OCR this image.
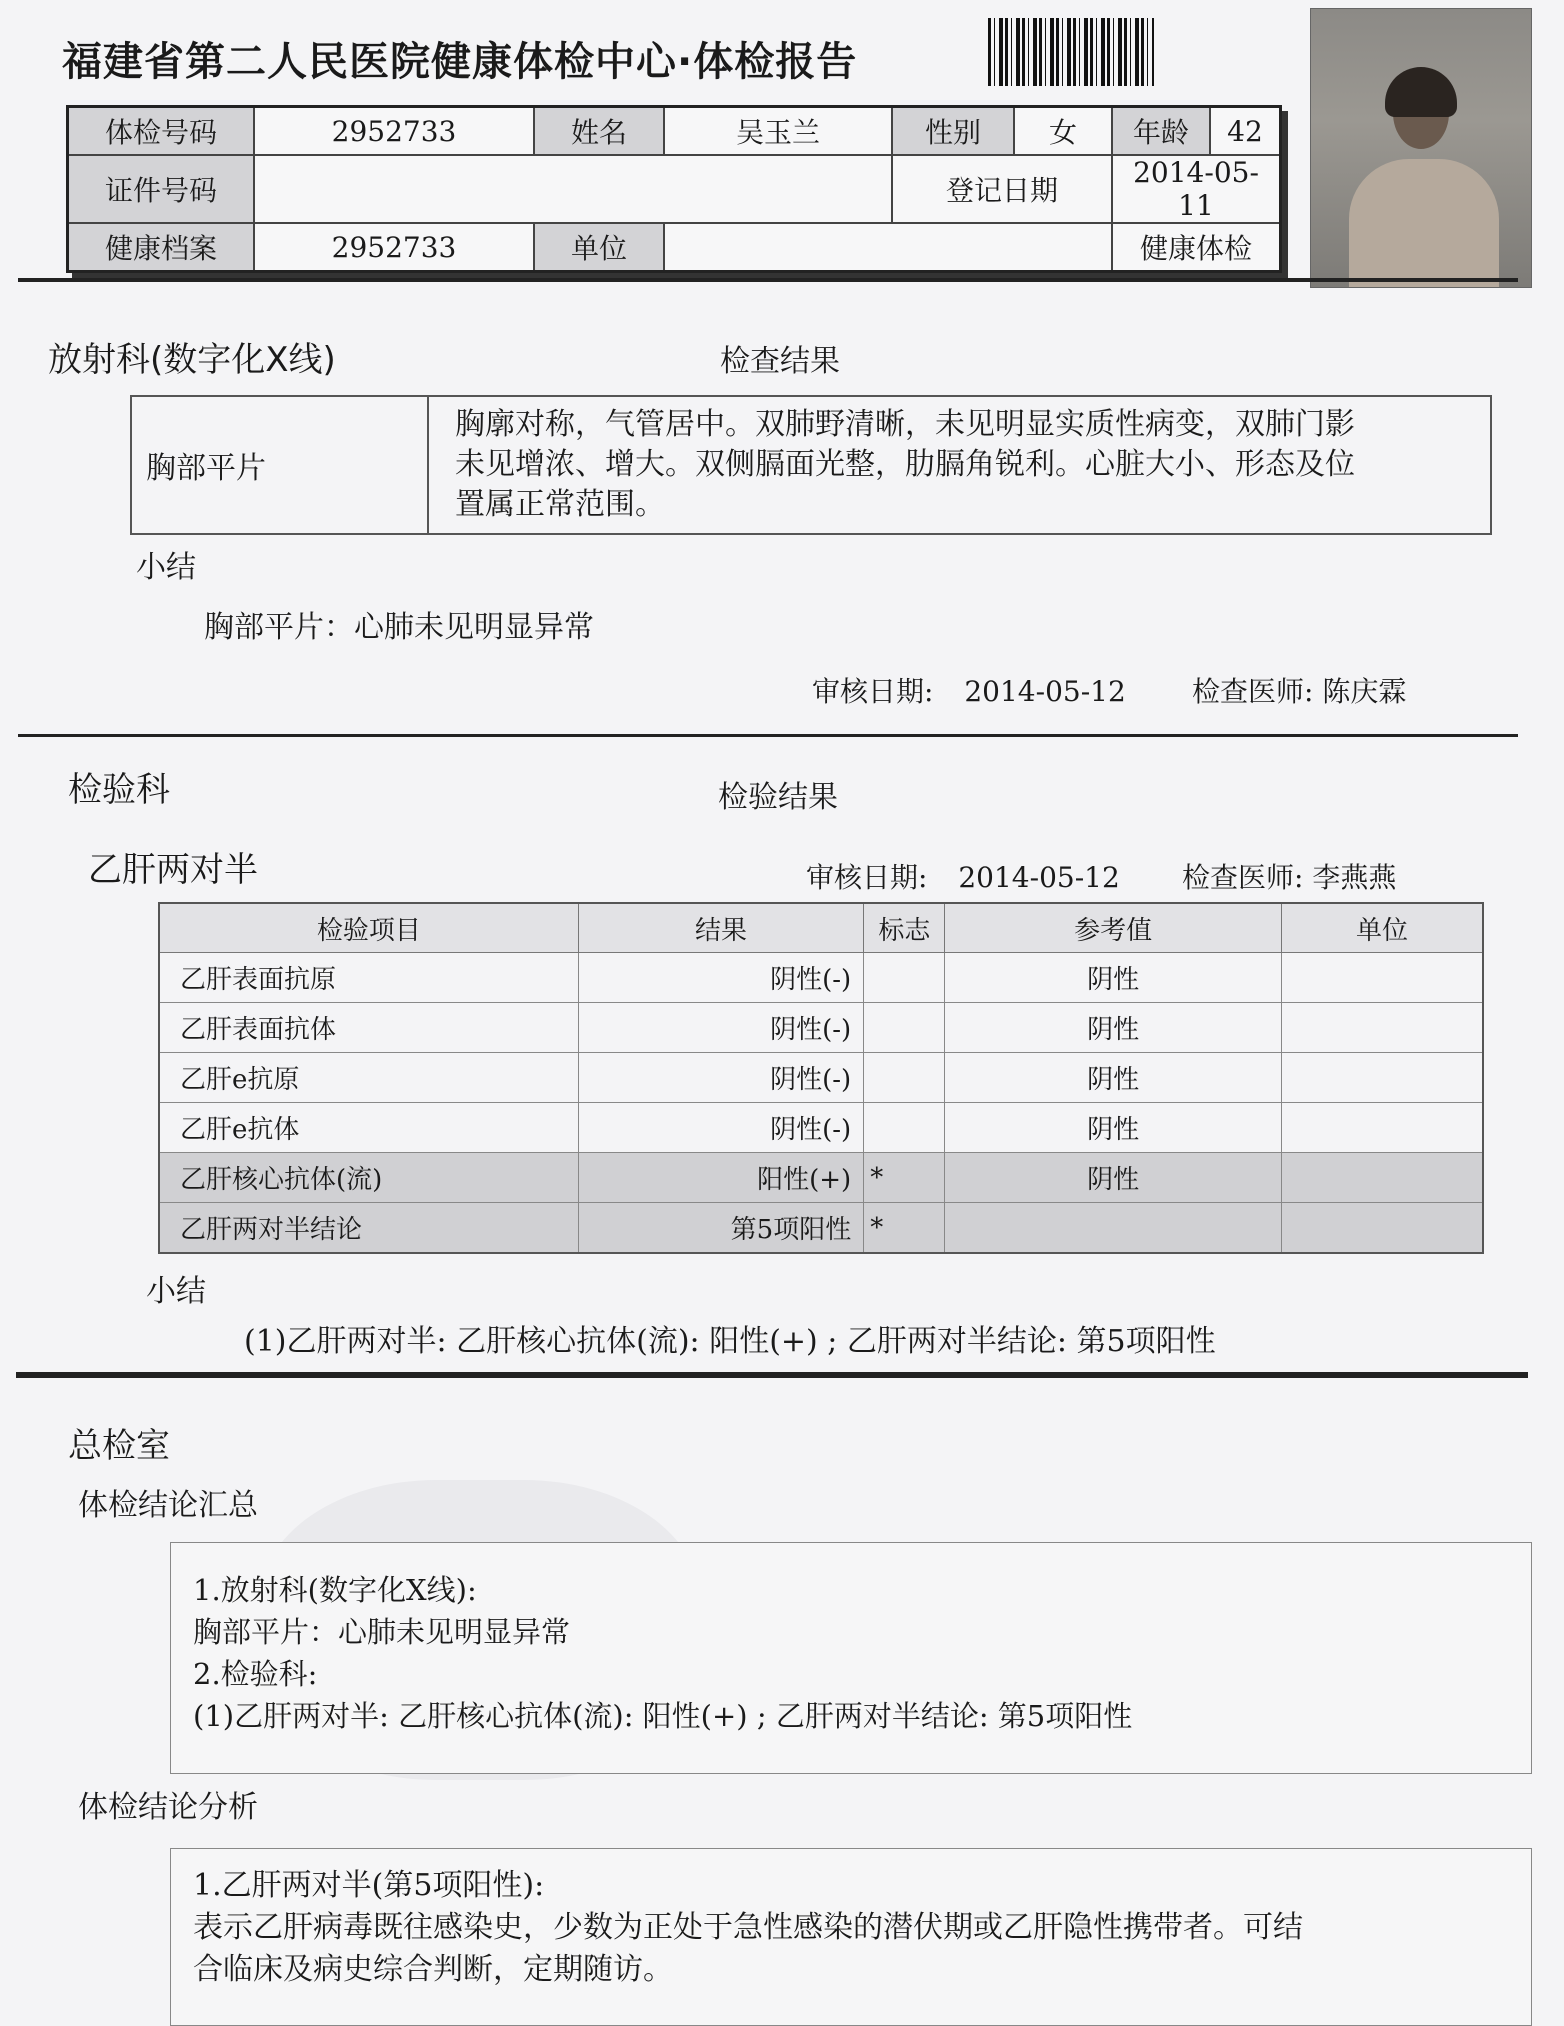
福建省第二人民医院健康体检中心·体检报告
体检号码	2952733	姓名	吴玉兰	性别	女	年龄	42
证件号码				登记日期		2014-05-11	
健康档案	2952733	单位				健康体检	
放射科(数字化X线)	检查结果
胸部平片	
胸廓对称，气管居中。双肺野清晰，未见明显实质性病变，双肺门影
未见增浓、增大。双侧膈面光整，肋膈角锐利。心脏大小、形态及位
置属正常范围。
小结
胸部平片：心肺未见明显异常
审核日期: 2014-05-12 检查医师: 陈庆霖
检验科	检验结果
乙肝两对半	审核日期: 2014-05-12 检查医师: 李燕燕
检验项目	结果	标志	参考值	单位
乙肝表面抗原	阴性(-)		阴性	
乙肝表面抗体	阴性(-)		阴性	
乙肝e抗原	阴性(-)		阴性	
乙肝e抗体	阴性(-)		阴性	
乙肝核心抗体(流)	阳性(+)	*	阴性	
乙肝两对半结论	第5项阳性	*		
小结
(1)乙肝两对半: 乙肝核心抗体(流): 阳性(+) ; 乙肝两对半结论: 第5项阳性
总检室
体检结论汇总
1.放射科(数字化X线):
胸部平片：心肺未见明显异常
2.检验科:
(1)乙肝两对半: 乙肝核心抗体(流): 阳性(+) ; 乙肝两对半结论: 第5项阳性
体检结论分析
1.乙肝两对半(第5项阳性):
表示乙肝病毒既往感染史，少数为正处于急性感染的潜伏期或乙肝隐性携带者。可结
合临床及病史综合判断，定期随访。
